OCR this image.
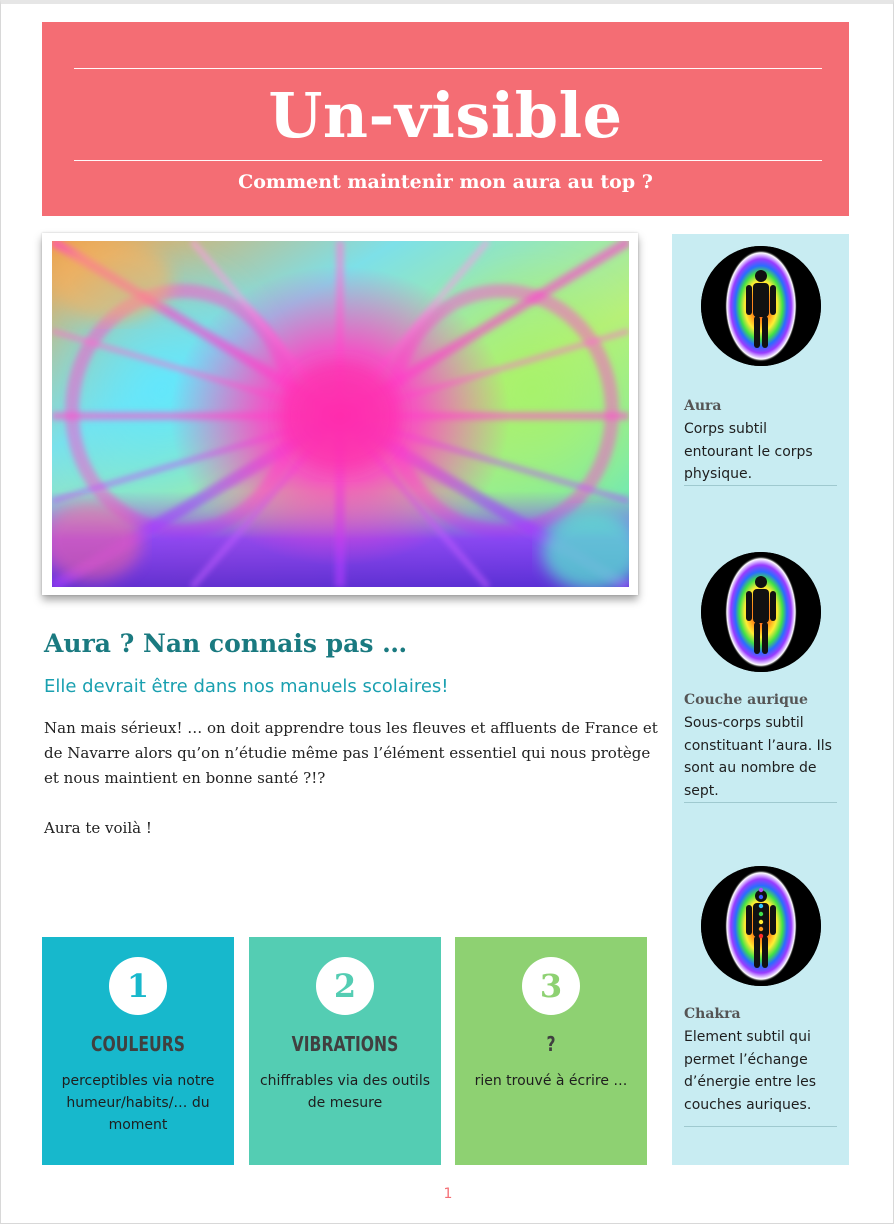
Un-visible
Comment maintenir mon aura au top ?
Aura ? Nan connais pas …
Elle devrait être dans nos manuels scolaires!

Nan mais sérieux! … on doit apprendre tous les fleuves et affluents de France et de Navarre alors qu’on n’étudie même pas l’élément essentiel qui nous protège et nous maintient en bonne santé ?!?

Aura te voilà !

1
COULEURS
perceptibles via notre humeur/habits/… du moment
2
VIBRATIONS
chiffrables via des outils de mesure
3
?
rien trouvé à écrire …
Aura
Corps subtil entourant le corps physique.
Couche aurique
Sous-corps subtil constituant l’aura. Ils sont au nombre de sept.
Chakra
Element subtil qui permet l’échange d’énergie entre les couches auriques.
1
